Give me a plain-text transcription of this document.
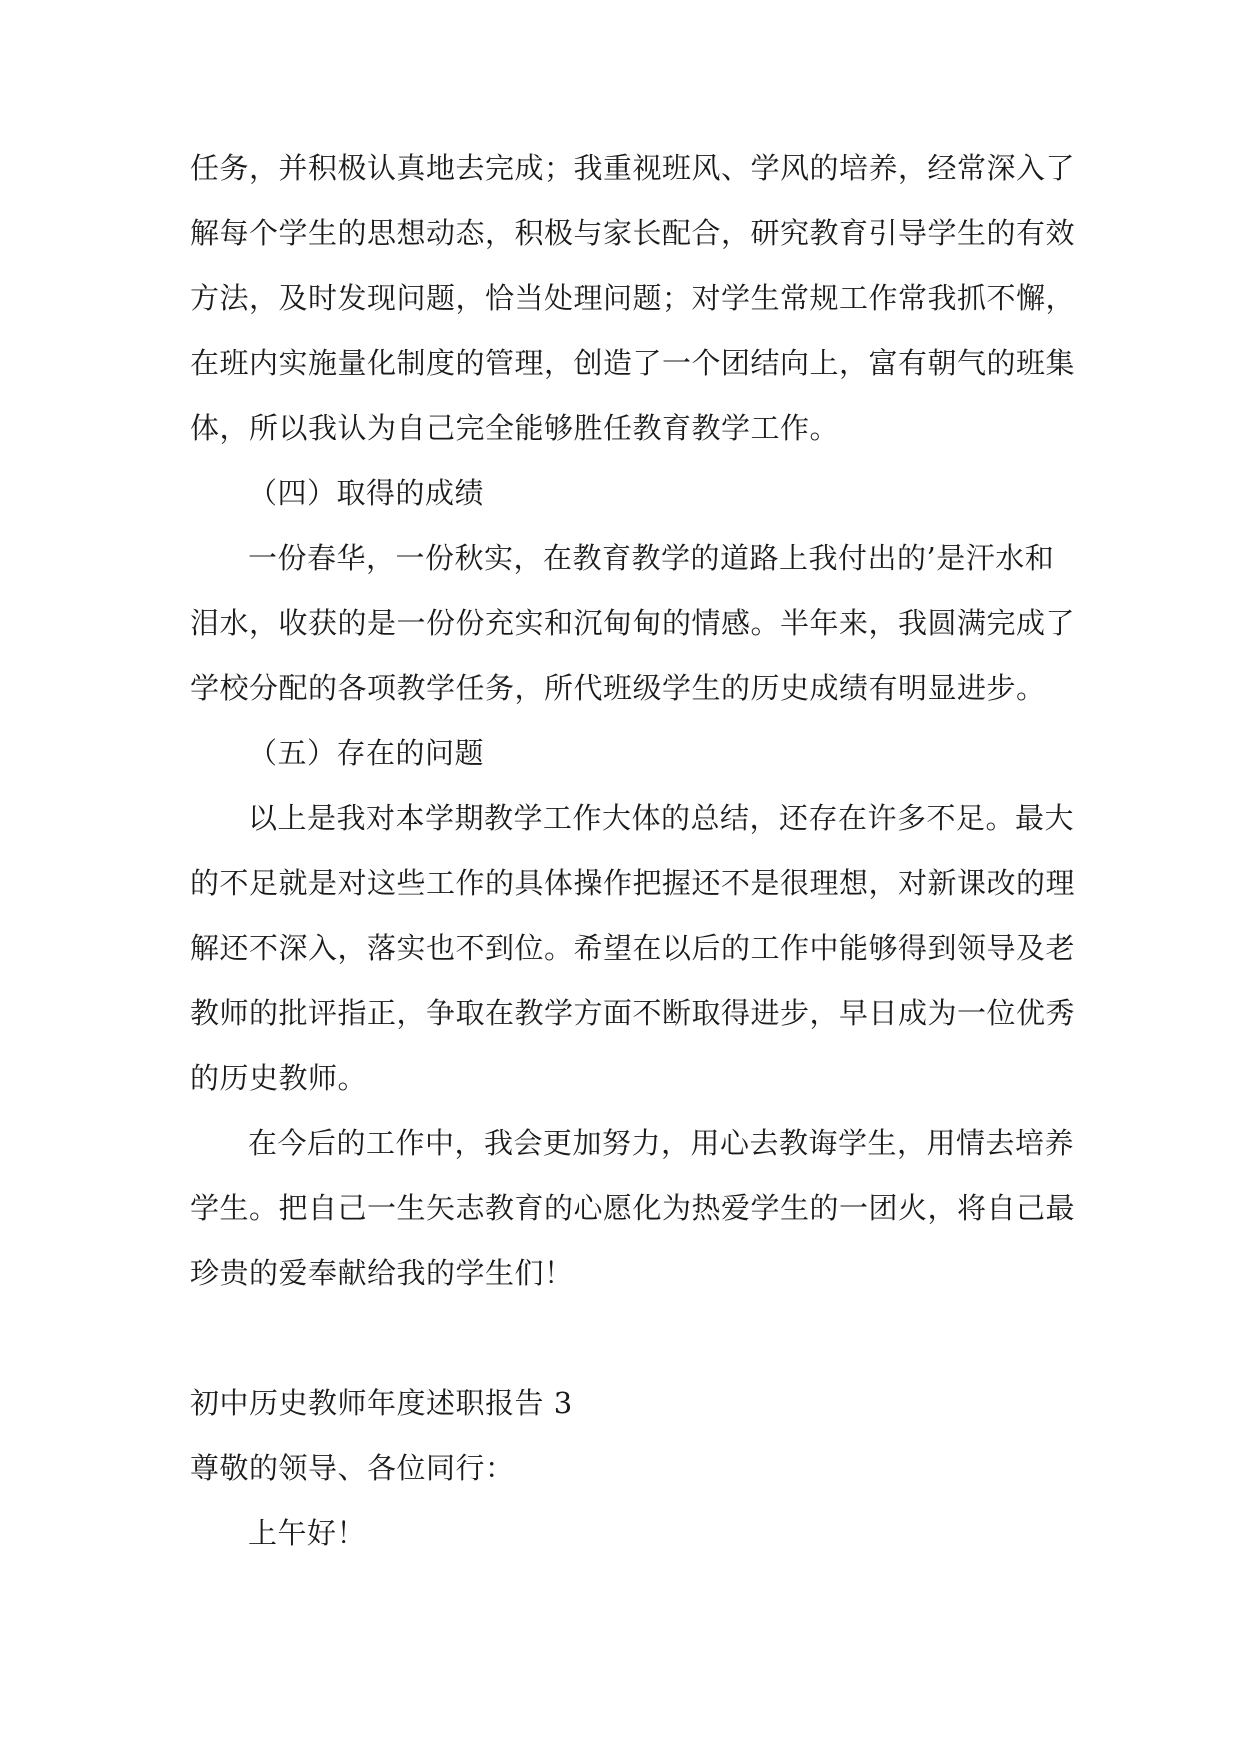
任务，并积极认真地去完成；我重视班风、学风的培养，经常深入了
解每个学生的思想动态，积极与家长配合，研究教育引导学生的有效
方法，及时发现问题，恰当处理问题；对学生常规工作常我抓不懈，
在班内实施量化制度的管理，创造了一个团结向上，富有朝气的班集
体，所以我认为自己完全能够胜任教育教学工作。
（四）取得的成绩
一份春华，一份秋实，在教育教学的道路上我付出的’是汗水和
泪水，收获的是一份份充实和沉甸甸的情感。半年来，我圆满完成了
学校分配的各项教学任务，所代班级学生的历史成绩有明显进步。
（五）存在的问题
以上是我对本学期教学工作大体的总结，还存在许多不足。最大
的不足就是对这些工作的具体操作把握还不是很理想，对新课改的理
解还不深入，落实也不到位。希望在以后的工作中能够得到领导及老
教师的批评指正，争取在教学方面不断取得进步，早日成为一位优秀
的历史教师。
在今后的工作中，我会更加努力，用心去教诲学生，用情去培养
学生。把自己一生矢志教育的心愿化为热爱学生的一团火，将自己最
珍贵的爱奉献给我的学生们！
初中历史教师年度述职报告 3
尊敬的领导、各位同行：
上午好！
